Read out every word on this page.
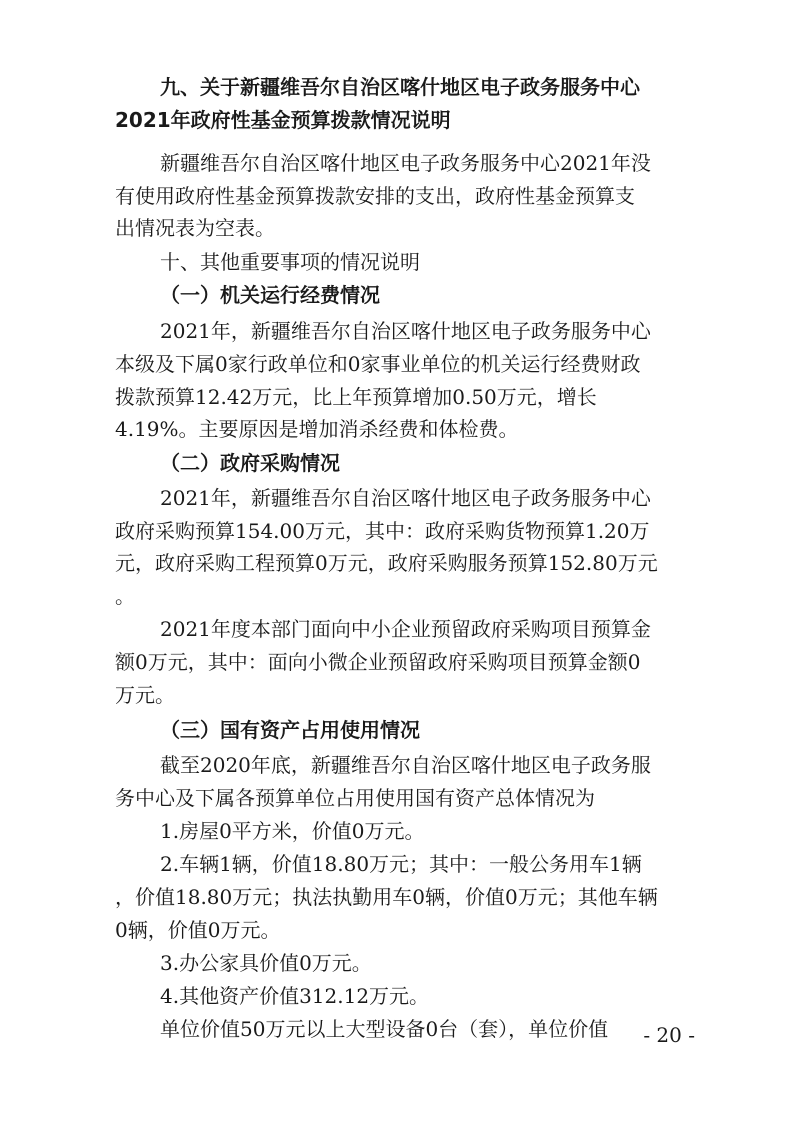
九、关于新疆维吾尔自治区喀什地区电子政务服务中心
2021年政府性基金预算拨款情况说明
新疆维吾尔自治区喀什地区电子政务服务中心2021年没
有使用政府性基金预算拨款安排的支出，政府性基金预算支
出情况表为空表。
十、其他重要事项的情况说明
（一）机关运行经费情况
2021年，新疆维吾尔自治区喀什地区电子政务服务中心
本级及下属0家行政单位和0家事业单位的机关运行经费财政
拨款预算12.42万元，比上年预算增加0.50万元，增长
4.19%。主要原因是增加消杀经费和体检费。
（二）政府采购情况
2021年，新疆维吾尔自治区喀什地区电子政务服务中心
政府采购预算154.00万元，其中：政府采购货物预算1.20万
元，政府采购工程预算0万元，政府采购服务预算152.80万元
。
2021年度本部门面向中小企业预留政府采购项目预算金
额0万元，其中：面向小微企业预留政府采购项目预算金额0
万元。
（三）国有资产占用使用情况
截至2020年底，新疆维吾尔自治区喀什地区电子政务服
务中心及下属各预算单位占用使用国有资产总体情况为
1.房屋0平方米，价值0万元。
2.车辆1辆，价值18.80万元；其中：一般公务用车1辆
，价值18.80万元；执法执勤用车0辆，价值0万元；其他车辆
0辆，价值0万元。
3.办公家具价值0万元。
4.其他资产价值312.12万元。
单位价值50万元以上大型设备0台（套），单位价值	- 20 -
